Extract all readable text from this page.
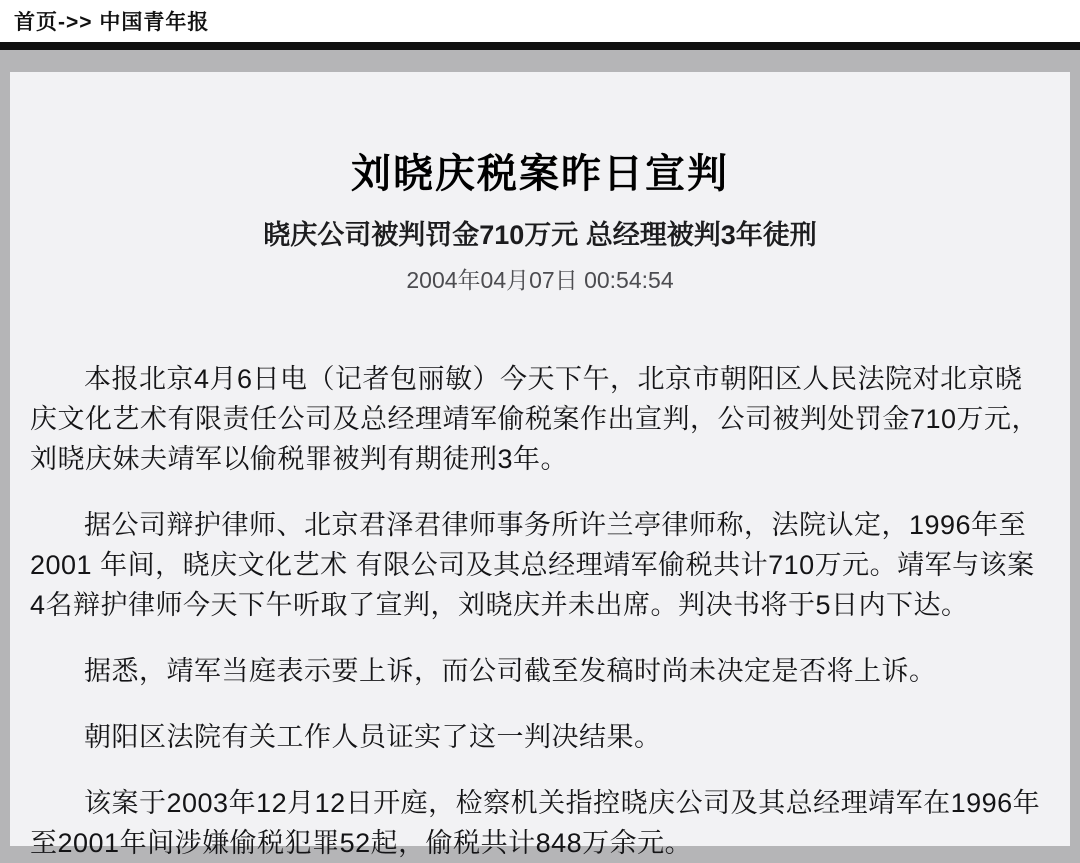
首页->> 中国青年报
刘晓庆税案昨日宣判
晓庆公司被判罚金710万元 总经理被判3年徒刑
2004年04月07日 00:54:54

本报北京4月6日电（记者包丽敏）今天下午，北京市朝阳区人民法院对北京晓庆文化艺术有限责任公司及总经理靖军偷税案作出宣判，公司被判处罚金710万元，刘晓庆妹夫靖军以偷税罪被判有期徒刑3年。

据公司辩护律师、北京君泽君律师事务所许兰亭律师称，法院认定，1996年至2001 年间，晓庆文化艺术 有限公司及其总经理靖军偷税共计710万元。靖军与该案4名辩护律师今天下午听取了宣判，刘晓庆并未出席。判决书将于5日内下达。

据悉，靖军当庭表示要上诉，而公司截至发稿时尚未决定是否将上诉。

朝阳区法院有关工作人员证实了这一判决结果。

该案于2003年12月12日开庭，检察机关指控晓庆公司及其总经理靖军在1996年至2001年间涉嫌偷税犯罪52起，偷税共计848万余元。
